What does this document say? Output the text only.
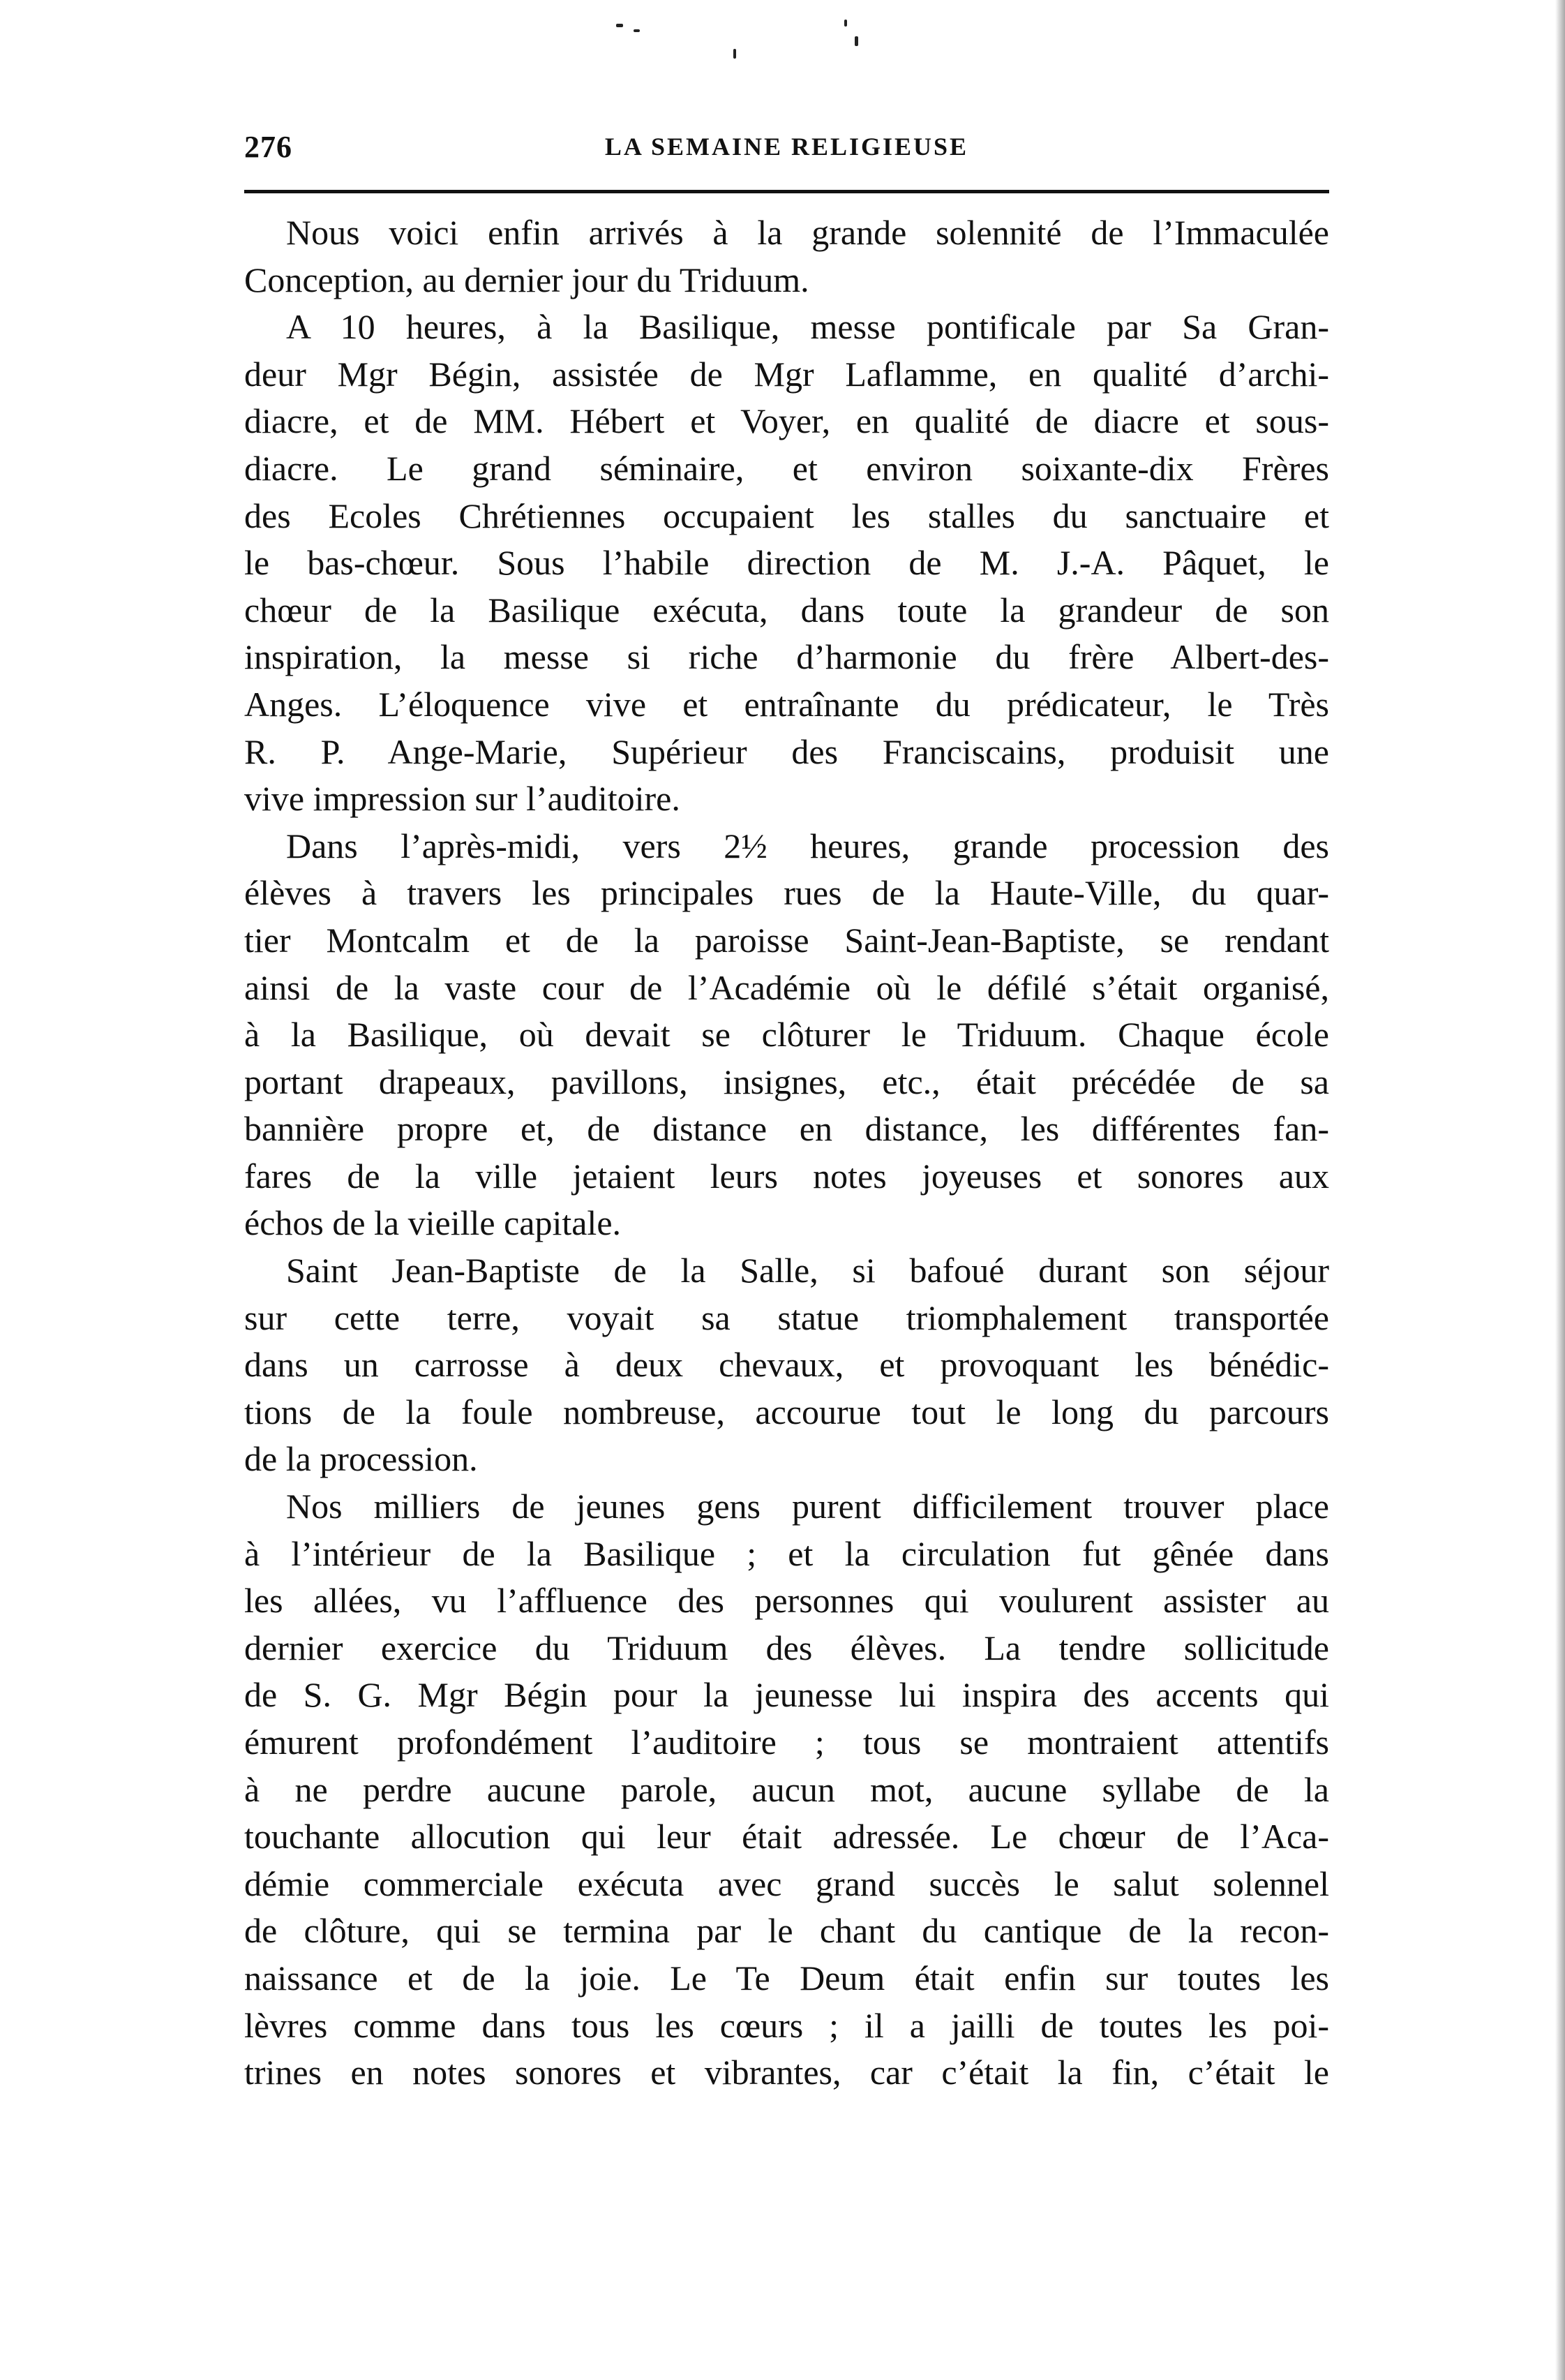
276	LA SEMAINE RELIGIEUSE
Nous voici enfin arrivés à la grande solennité de l’Immaculée
Conception, au dernier jour du Triduum.
A 10 heures, à la Basilique, messe pontificale par Sa Gran-
deur Mgr Bégin, assistée de Mgr Laflamme, en qualité d’archi-
diacre, et de MM. Hébert et Voyer, en qualité de diacre et sous-
diacre. Le grand séminaire, et environ soixante-dix Frères
des Ecoles Chrétiennes occupaient les stalles du sanctuaire et
le bas-chœur. Sous l’habile direction de M. J.-A. Pâquet, le
chœur de la Basilique exécuta, dans toute la grandeur de son
inspiration, la messe si riche d’harmonie du frère Albert-des-
Anges. L’éloquence vive et entraînante du prédicateur, le Très
R. P. Ange-Marie, Supérieur des Franciscains, produisit une
vive impression sur l’auditoire.
Dans l’après-midi, vers 2½ heures, grande procession des
élèves à travers les principales rues de la Haute-Ville, du quar-
tier Montcalm et de la paroisse Saint-Jean-Baptiste, se rendant
ainsi de la vaste cour de l’Académie où le défilé s’était organisé,
à la Basilique, où devait se clôturer le Triduum. Chaque école
portant drapeaux, pavillons, insignes, etc., était précédée de sa
bannière propre et, de distance en distance, les différentes fan-
fares de la ville jetaient leurs notes joyeuses et sonores aux
échos de la vieille capitale.
Saint Jean-Baptiste de la Salle, si bafoué durant son séjour
sur cette terre, voyait sa statue triomphalement transportée
dans un carrosse à deux chevaux, et provoquant les bénédic-
tions de la foule nombreuse, accourue tout le long du parcours
de la procession.
Nos milliers de jeunes gens purent difficilement trouver place
à l’intérieur de la Basilique ; et la circulation fut gênée dans
les allées, vu l’affluence des personnes qui voulurent assister au
dernier exercice du Triduum des élèves. La tendre sollicitude
de S. G. Mgr Bégin pour la jeunesse lui inspira des accents qui
émurent profondément l’auditoire ; tous se montraient attentifs
à ne perdre aucune parole, aucun mot, aucune syllabe de la
touchante allocution qui leur était adressée. Le chœur de l’Aca-
démie commerciale exécuta avec grand succès le salut solennel
de clôture, qui se termina par le chant du cantique de la recon-
naissance et de la joie. Le Te Deum était enfin sur toutes les
lèvres comme dans tous les cœurs ; il a jailli de toutes les poi-
trines en notes sonores et vibrantes, car c’était la fin, c’était le
